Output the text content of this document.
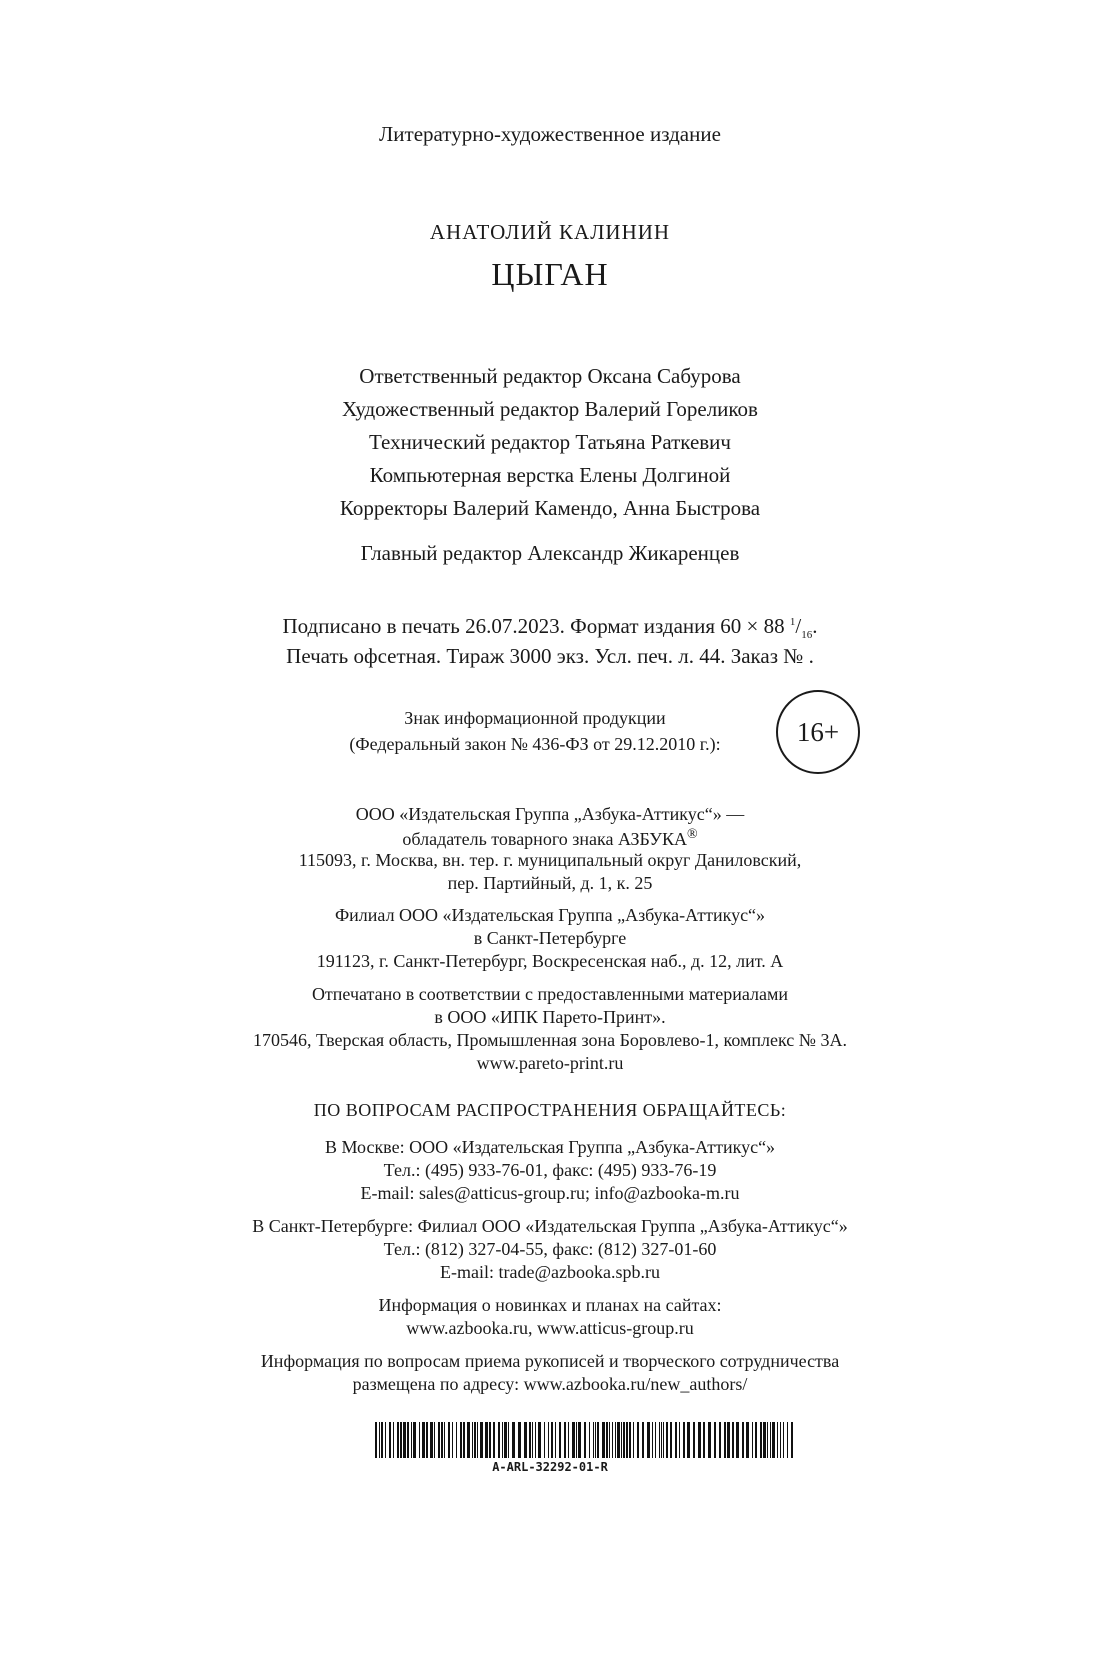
Литературно-художественное издание
АНАТОЛИЙ КАЛИНИН
ЦЫГАН
Ответственный редактор Оксана Сабурова
Художественный редактор Валерий Гореликов
Технический редактор Татьяна Раткевич
Компьютерная верстка Елены Долгиной
Корректоры Валерий Камендо, Анна Быстрова
Главный редактор Александр Жикаренцев
Подписано в печать 26.07.2023. Формат издания 60 × 88 $^1/_{16}$.
Печать офсетная. Тираж 3000 экз. Усл. печ. л. 44. Заказ № .
Знак информационной продукции
(Федеральный закон № 436-ФЗ от 29.12.2010 г.):	16+
ООО «Издательская Группа „Азбука-Аттикус“» —
обладатель товарного знака АЗБУКА®
115093, г. Москва, вн. тер. г. муниципальный округ Даниловский,
пер. Партийный, д. 1, к. 25
Филиал ООО «Издательская Группа „Азбука-Аттикус“»
в Санкт-Петербурге
191123, г. Санкт-Петербург, Воскресенская наб., д. 12, лит. А
Отпечатано в соответствии с предоставленными материалами
в ООО «ИПК Парето-Принт».
170546, Тверская область, Промышленная зона Боровлево-1, комплекс № 3А.
www.pareto-print.ru
ПО ВОПРОСАМ РАСПРОСТРАНЕНИЯ ОБРАЩАЙТЕСЬ:
В Москве: ООО «Издательская Группа „Азбука-Аттикус“»
Тел.: (495) 933-76-01, факс: (495) 933-76-19
E-mail: sales@atticus-group.ru; info@azbooka-m.ru
В Санкт-Петербурге: Филиал ООО «Издательская Группа „Азбука-Аттикус“»
Тел.: (812) 327-04-55, факс: (812) 327-01-60
E-mail: trade@azbooka.spb.ru
Информация о новинках и планах на сайтах:
www.azbooka.ru, www.atticus-group.ru
Информация по вопросам приема рукописей и творческого сотрудничества
размещена по адресу: www.azbooka.ru/new_authors/
A-ARL-32292-01-R
